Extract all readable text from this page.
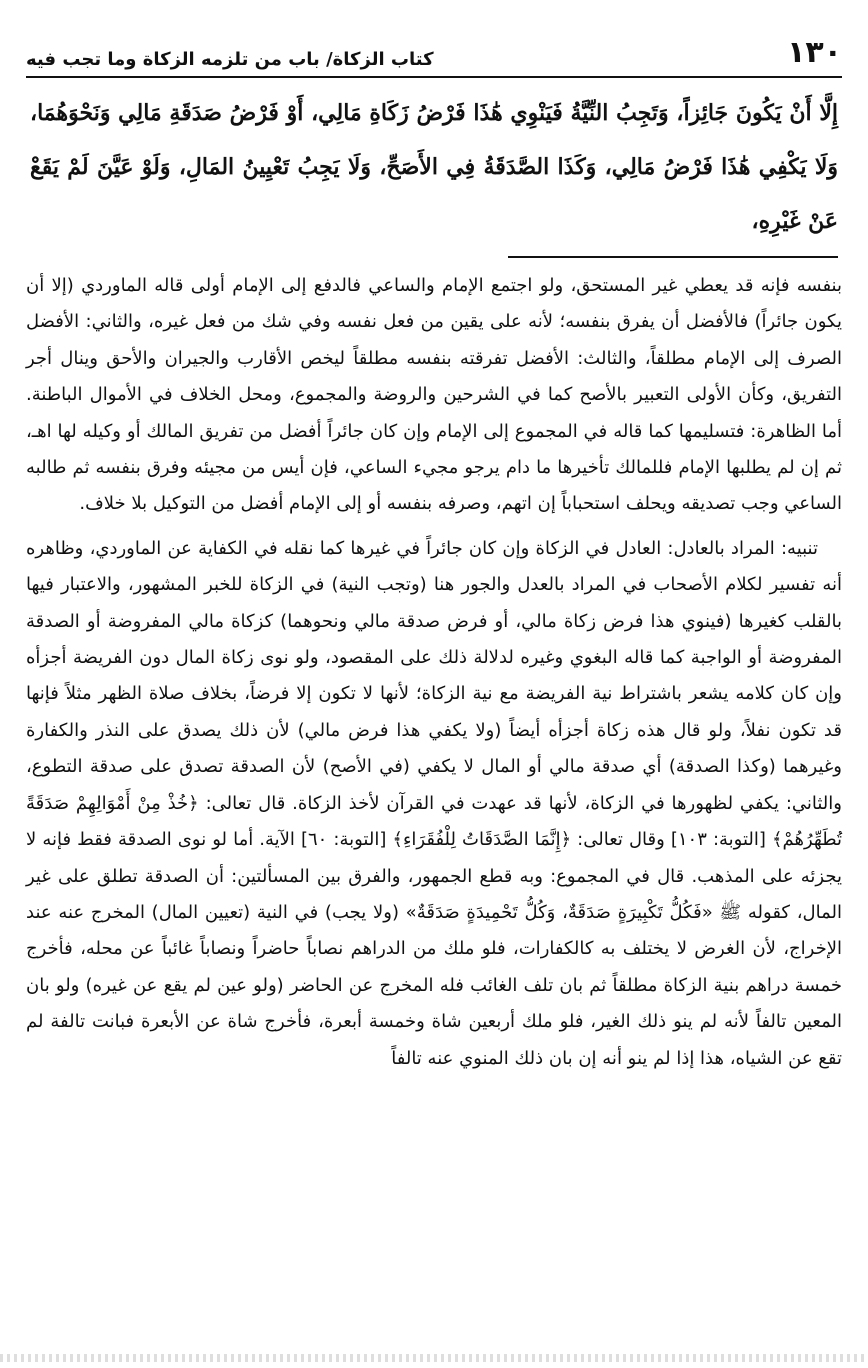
١٣٠
كتاب الزكاة/ باب من تلزمه الزكاة وما تجب فيه

إِلَّا أَنْ يَكُونَ جَائِزاً، وَتَجِبُ النِّيَّةُ فَيَنْوِي هَٰذَا فَرْضُ زَكَاةِ مَالِي، أَوْ فَرْضُ صَدَقَةِ مَالِي وَنَحْوَهُمَا، وَلَا يَكْفِي هَٰذَا فَرْضُ مَالِي، وَكَذَا الصَّدَقَةُ فِي الأَصَحِّ، وَلَا يَجِبُ تَعْيِينُ المَالِ، وَلَوْ عَيَّنَ لَمْ يَقَعْ عَنْ غَيْرِهِ،

بنفسه فإنه قد يعطي غير المستحق، ولو اجتمع الإمام والساعي فالدفع إلى الإمام أولى قاله الماوردي (إلا أن يكون جائراً) فالأفضل أن يفرق بنفسه؛ لأنه على يقين من فعل نفسه وفي شك من فعل غيره، والثاني: الأفضل الصرف إلى الإمام مطلقاً، والثالث: الأفضل تفرقته بنفسه مطلقاً ليخص الأقارب والجيران والأحق وينال أجر التفريق، وكأن الأولى التعبير بالأصح كما في الشرحين والروضة والمجموع، ومحل الخلاف في الأموال الباطنة. أما الظاهرة: فتسليمها كما قاله في المجموع إلى الإمام وإن كان جائراً أفضل من تفريق المالك أو وكيله لها اهـ، ثم إن لم يطلبها الإمام فللمالك تأخيرها ما دام يرجو مجيء الساعي، فإن أيس من مجيئه وفرق بنفسه ثم طالبه الساعي وجب تصديقه ويحلف استحباباً إن اتهم، وصرفه بنفسه أو إلى الإمام أفضل من التوكيل بلا خلاف.

تنبيه: المراد بالعادل: العادل في الزكاة وإن كان جائراً في غيرها كما نقله في الكفاية عن الماوردي، وظاهره أنه تفسير لكلام الأصحاب في المراد بالعدل والجور هنا (وتجب النية) في الزكاة للخبر المشهور، والاعتبار فيها بالقلب كغيرها (فينوي هذا فرض زكاة مالي، أو فرض صدقة مالي ونحوهما) كزكاة مالي المفروضة أو الصدقة المفروضة أو الواجبة كما قاله البغوي وغيره لدلالة ذلك على المقصود، ولو نوى زكاة المال دون الفريضة أجزأه وإن كان كلامه يشعر باشتراط نية الفريضة مع نية الزكاة؛ لأنها لا تكون إلا فرضاً، بخلاف صلاة الظهر مثلاً فإنها قد تكون نفلاً، ولو قال هذه زكاة أجزأه أيضاً (ولا يكفي هذا فرض مالي) لأن ذلك يصدق على النذر والكفارة وغيرهما (وكذا الصدقة) أي صدقة مالي أو المال لا يكفي (في الأصح) لأن الصدقة تصدق على صدقة التطوع، والثاني: يكفي لظهورها في الزكاة، لأنها قد عهدت في القرآن لأخذ الزكاة. قال تعالى: ﴿خُذْ مِنْ أَمْوَالِهِمْ صَدَقَةً تُطَهِّرُهُمْ﴾ [التوبة: ١٠٣] وقال تعالى: ﴿إِنَّمَا الصَّدَقَاتُ لِلْفُقَرَاءِ﴾ [التوبة: ٦٠] الآية. أما لو نوى الصدقة فقط فإنه لا يجزئه على المذهب. قال في المجموع: وبه قطع الجمهور، والفرق بين المسألتين: أن الصدقة تطلق على غير المال، كقوله ﷺ «فَكُلُّ تَكْبِيرَةٍ صَدَقَةٌ، وَكُلُّ تَحْمِيدَةٍ صَدَقَةٌ» (ولا يجب) في النية (تعيين المال) المخرج عنه عند الإخراج، لأن الغرض لا يختلف به كالكفارات، فلو ملك من الدراهم نصاباً حاضراً ونصاباً غائباً عن محله، فأخرج خمسة دراهم بنية الزكاة مطلقاً ثم بان تلف الغائب فله المخرج عن الحاضر (ولو عين لم يقع عن غيره) ولو بان المعين تالفاً لأنه لم ينو ذلك الغير، فلو ملك أربعين شاة وخمسة أبعرة، فأخرج شاة عن الأبعرة فبانت تالفة لم تقع عن الشياه، هذا إذا لم ينو أنه إن بان ذلك المنوي عنه تالفاً
